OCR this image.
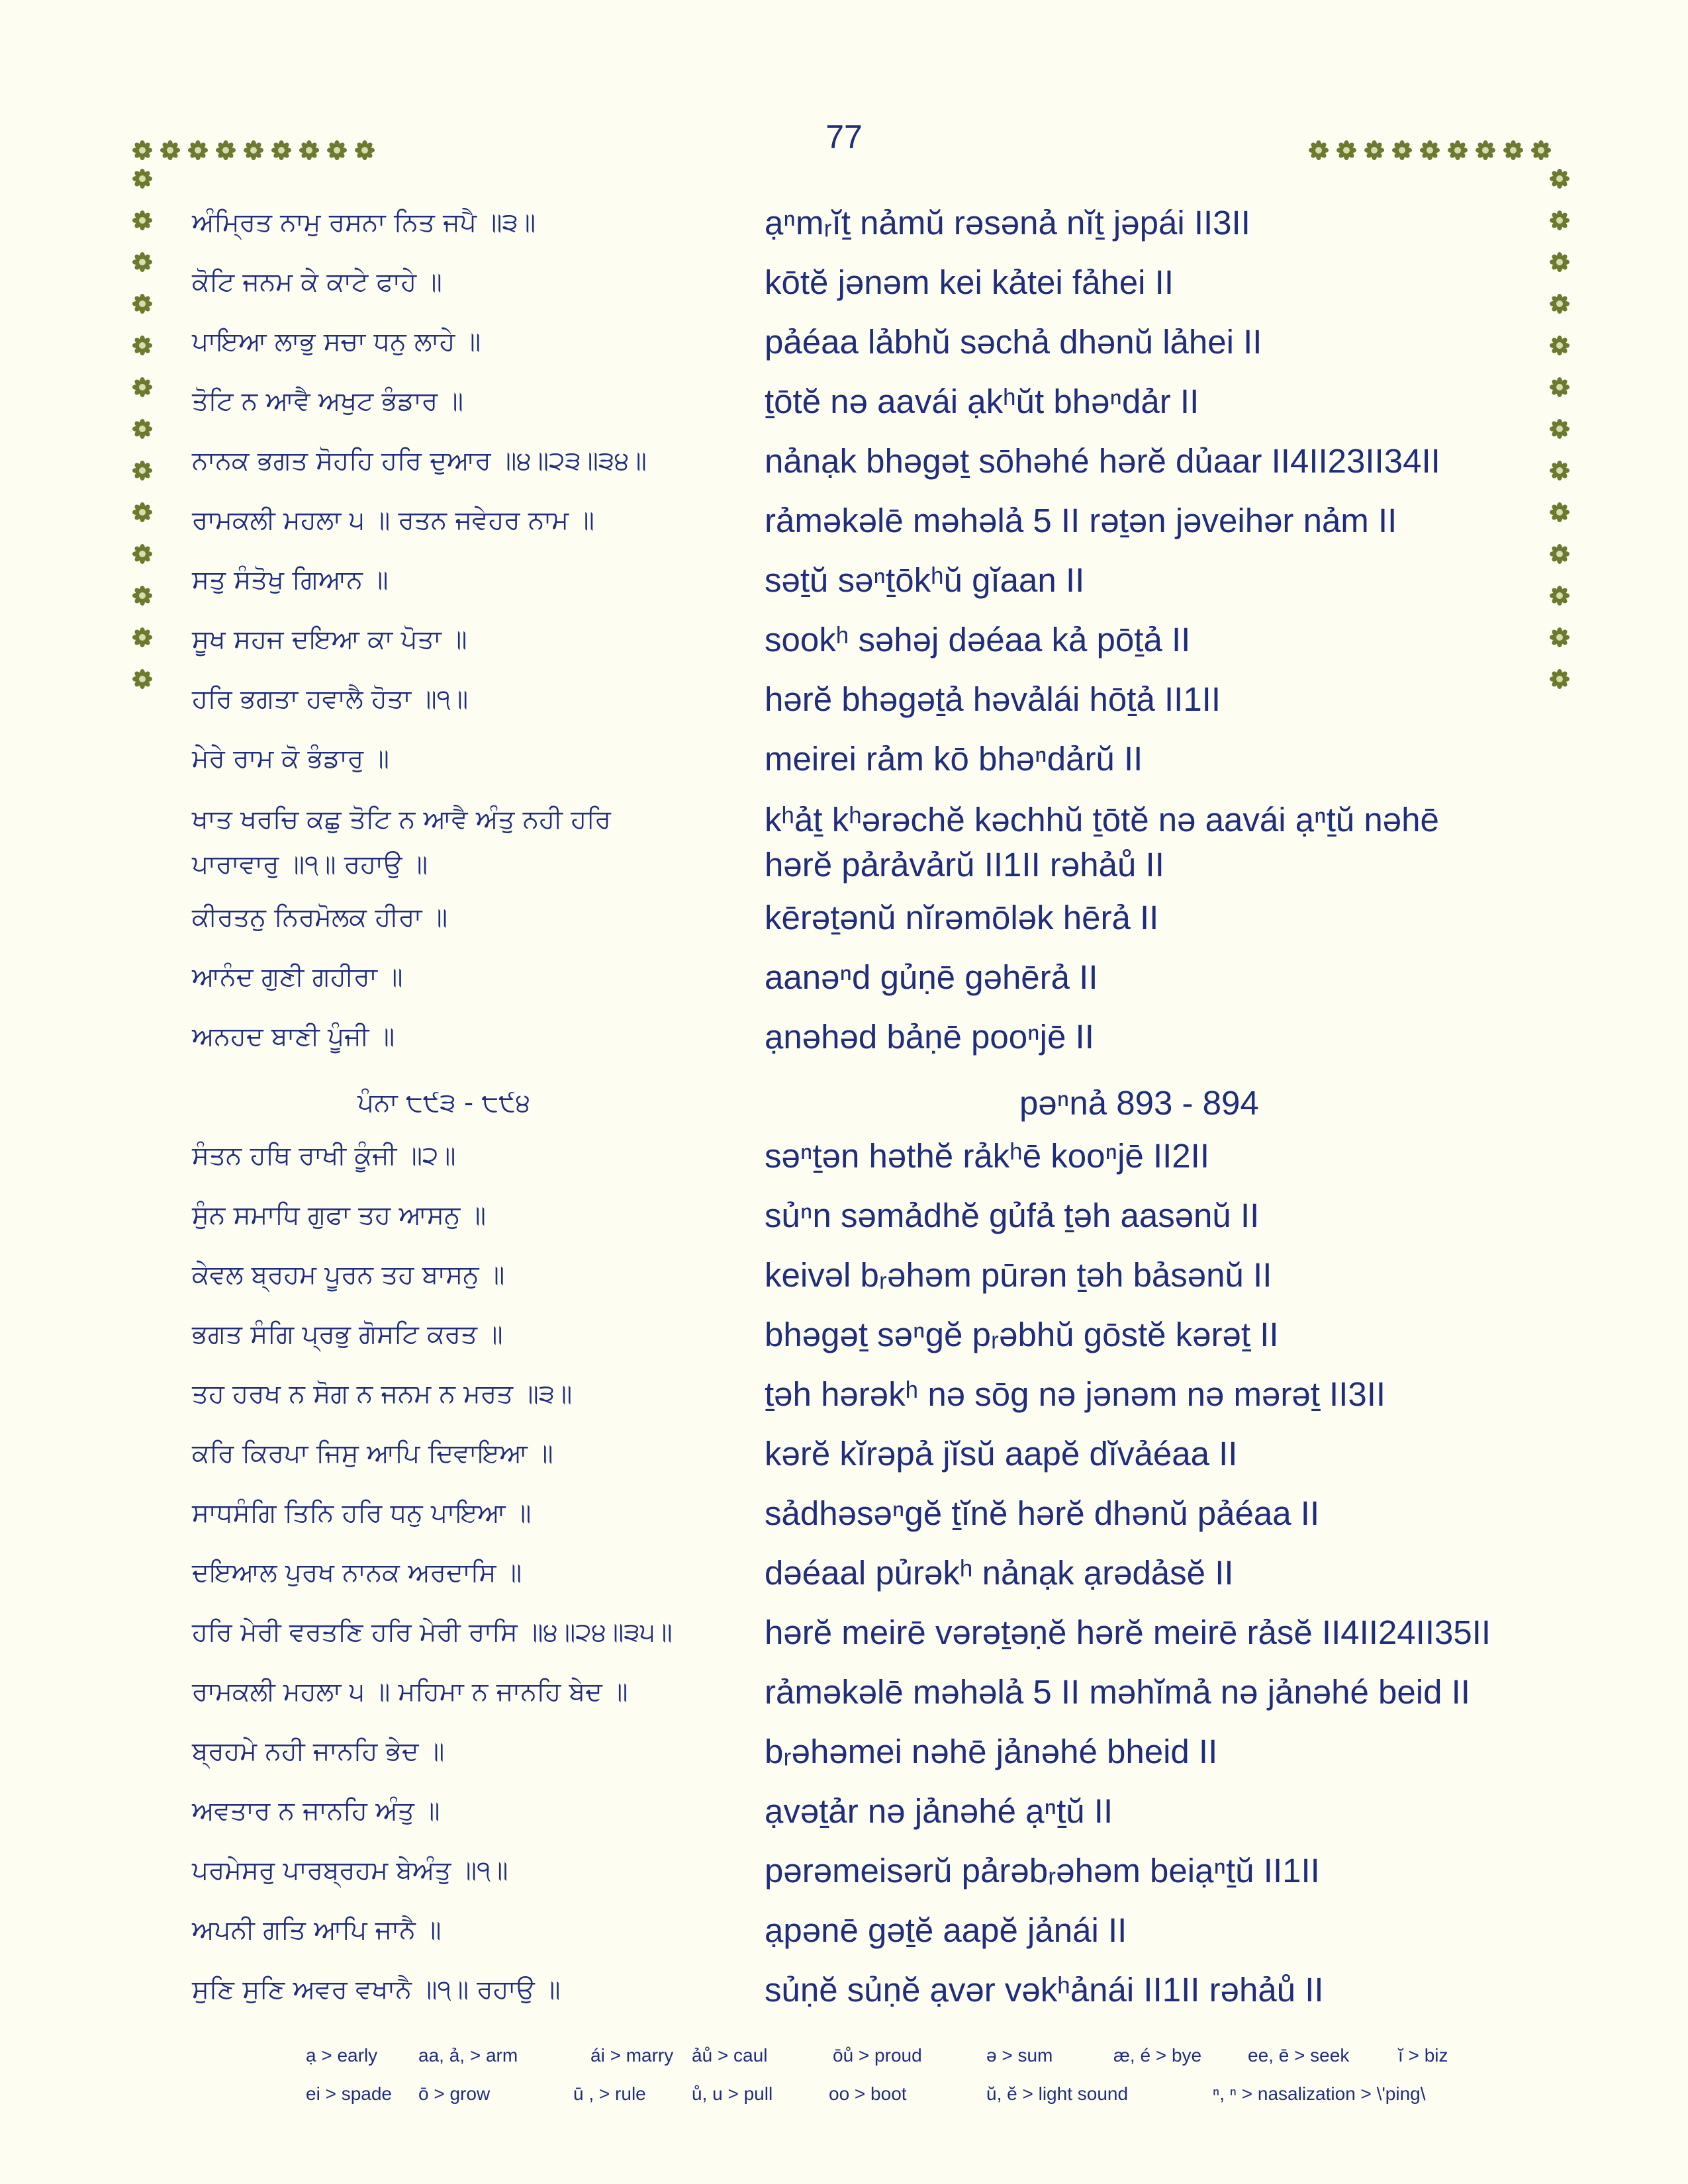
77
ਅੰਮ੍ਰਿਤ ਨਾਮੁ ਰਸਨਾ ਨਿਤ ਜਪੈ ॥੩॥	ạⁿmᵣĭṯ nảmŭ rəsənả nĭṯ jəpái II3II
ਕੋਟਿ ਜਨਮ ਕੇ ਕਾਟੇ ਫਾਹੇ ॥	kōtĕ jənəm kei kảtei fảhei II
ਪਾਇਆ ਲਾਭੁ ਸਚਾ ਧਨੁ ਲਾਹੇ ॥	pảéaa lảbhŭ səchả dhənŭ lảhei II
ਤੋਟਿ ਨ ਆਵੈ ਅਖੁਟ ਭੰਡਾਰ ॥	ṯōtĕ nə aavái ạkʰŭt bhəⁿdảr II
ਨਾਨਕ ਭਗਤ ਸੋਹਹਿ ਹਰਿ ਦੁਆਰ ॥੪॥੨੩॥੩੪॥	nảnạk bhəgəṯ sōhəhé hərĕ dủaar II4II23II34II
ਰਾਮਕਲੀ ਮਹਲਾ ੫ ॥ ਰਤਨ ਜਵੇਹਰ ਨਾਮ ॥	rảməkəlē məhəlả 5 II rəṯən jəveihər nảm II
ਸਤੁ ਸੰਤੋਖੁ ਗਿਆਨ ॥	səṯŭ səⁿṯōkʰŭ gĭaan II
ਸੂਖ ਸਹਜ ਦਇਆ ਕਾ ਪੋਤਾ ॥	sookʰ səhəj dəéaa kả pōṯả II
ਹਰਿ ਭਗਤਾ ਹਵਾਲੈ ਹੋਤਾ ॥੧॥	hərĕ bhəgəṯả həvảlái hōṯả II1II
ਮੇਰੇ ਰਾਮ ਕੋ ਭੰਡਾਰੁ ॥	meirei rảm kō bhəⁿdảrŭ II
ਖਾਤ ਖਰਚਿ ਕਛੁ ਤੋਟਿ ਨ ਆਵੈ ਅੰਤੁ ਨਹੀ ਹਰਿ	kʰảṯ kʰərəchĕ kəchhŭ ṯōtĕ nə aavái ạⁿṯŭ nəhē
ਪਾਰਾਵਾਰੁ ॥੧॥ ਰਹਾਉ ॥	hərĕ pảrảvảrŭ II1II rəhảů II
ਕੀਰਤਨੁ ਨਿਰਮੋਲਕ ਹੀਰਾ ॥	kērəṯənŭ nĭrəmōlək hērả II
ਆਨੰਦ ਗੁਣੀ ਗਹੀਰਾ ॥	aanəⁿd gủṇē gəhērả II
ਅਨਹਦ ਬਾਣੀ ਪੂੰਜੀ ॥	ạnəhəd bảṇē pooⁿjē II
ਪੰਨਾ ੮੯੩ - ੮੯੪	pəⁿnả 893 - 894
ਸੰਤਨ ਹਥਿ ਰਾਖੀ ਕੂੰਜੀ ॥੨॥	səⁿṯən həthĕ rảkʰē kooⁿjē II2II
ਸੁੰਨ ਸਮਾਧਿ ਗੁਫਾ ਤਹ ਆਸਨੁ ॥	sủⁿn səmảdhĕ gủfả ṯəh aasənŭ II
ਕੇਵਲ ਬ੍ਰਹਮ ਪੂਰਨ ਤਹ ਬਾਸਨੁ ॥	keivəl bᵣəhəm pūrən ṯəh bảsənŭ II
ਭਗਤ ਸੰਗਿ ਪ੍ਰਭੁ ਗੋਸਟਿ ਕਰਤ ॥	bhəgəṯ səⁿgĕ pᵣəbhŭ gōstĕ kərəṯ II
ਤਹ ਹਰਖ ਨ ਸੋਗ ਨ ਜਨਮ ਨ ਮਰਤ ॥੩॥	ṯəh hərəkʰ nə sōg nə jənəm nə mərəṯ II3II
ਕਰਿ ਕਿਰਪਾ ਜਿਸੁ ਆਪਿ ਦਿਵਾਇਆ ॥	kərĕ kĭrəpả jĭsŭ aapĕ dĭvảéaa II
ਸਾਧਸੰਗਿ ਤਿਨਿ ਹਰਿ ਧਨੁ ਪਾਇਆ ॥	sảdhəsəⁿgĕ ṯĭnĕ hərĕ dhənŭ pảéaa II
ਦਇਆਲ ਪੁਰਖ ਨਾਨਕ ਅਰਦਾਸਿ ॥	dəéaal pủrəkʰ nảnạk ạrədảsĕ II
ਹਰਿ ਮੇਰੀ ਵਰਤਣਿ ਹਰਿ ਮੇਰੀ ਰਾਸਿ ॥੪॥੨੪॥੩੫॥	hərĕ meirē vərəṯəṇĕ hərĕ meirē rảsĕ II4II24II35II
ਰਾਮਕਲੀ ਮਹਲਾ ੫ ॥ ਮਹਿਮਾ ਨ ਜਾਨਹਿ ਬੇਦ ॥	rảməkəlē məhəlả 5 II məhĭmả nə jảnəhé beid II
ਬ੍ਰਹਮੇ ਨਹੀ ਜਾਨਹਿ ਭੇਦ ॥	bᵣəhəmei nəhē jảnəhé bheid II
ਅਵਤਾਰ ਨ ਜਾਨਹਿ ਅੰਤੁ ॥	ạvəṯảr nə jảnəhé ạⁿṯŭ II
ਪਰਮੇਸਰੁ ਪਾਰਬ੍ਰਹਮ ਬੇਅੰਤੁ ॥੧॥	pərəmeisərŭ pảrəbᵣəhəm beiạⁿṯŭ II1II
ਅਪਨੀ ਗਤਿ ਆਪਿ ਜਾਨੈ ॥	ạpənē gəṯĕ aapĕ jảnái II
ਸੁਣਿ ਸੁਣਿ ਅਵਰ ਵਖਾਨੈ ॥੧॥ ਰਹਾਉ ॥	sủṇĕ sủṇĕ ạvər vəkʰảnái II1II rəhảů II
ạ > early aa, ả, > arm	ái > marry ảů > caul	ōů > proud	ə > sum	æ, é > bye ee, ē > seek	ĭ > biz
ei > spade ō > grow	ū , > rule ů, u > pull	oo > boot	ŭ, ĕ > light sound	ⁿ, ⁿ > nasalization > \'ping\
